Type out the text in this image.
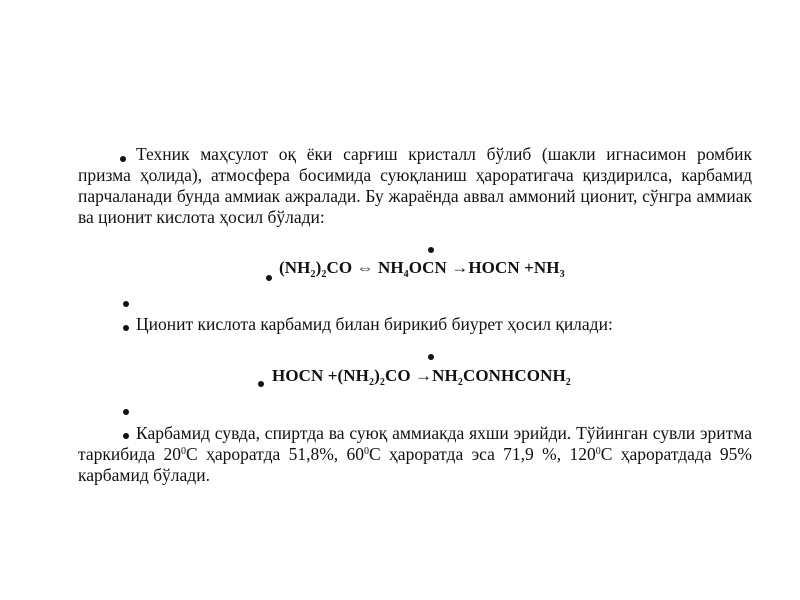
Техник маҳсулот оқ ёки сарғиш кристалл бўлиб (шакли игнасимон ромбик призма ҳолида), атмосфера босимида суюқланиш ҳароратигача қиздирилса, карбамид парчаланади бунда аммиак ажралади. Бу жараёнда аввал аммоний ционит, сўнгра аммиак ва ционит кислота ҳосил бўлади:
$(NH_2)_2CO$ ⇔ $NH_4OCN$ →HOCN $+NH_3$
Ционит кислота карбамид билан бирикиб биурет ҳосил қилади:
HOCN $+(NH_2)_2CO$ $\to NH_2CONHCONH_2$
Карбамид сувда, спиртда ва суюқ аммиакда яхши эрийди. Тўйинган сувли эритма таркибида $20^0С$ ҳароратда 51,8%, $60^0С$ ҳароратда эса 71,9 %, $120^0С$ ҳароратдада 95% карбамид бўлади.
